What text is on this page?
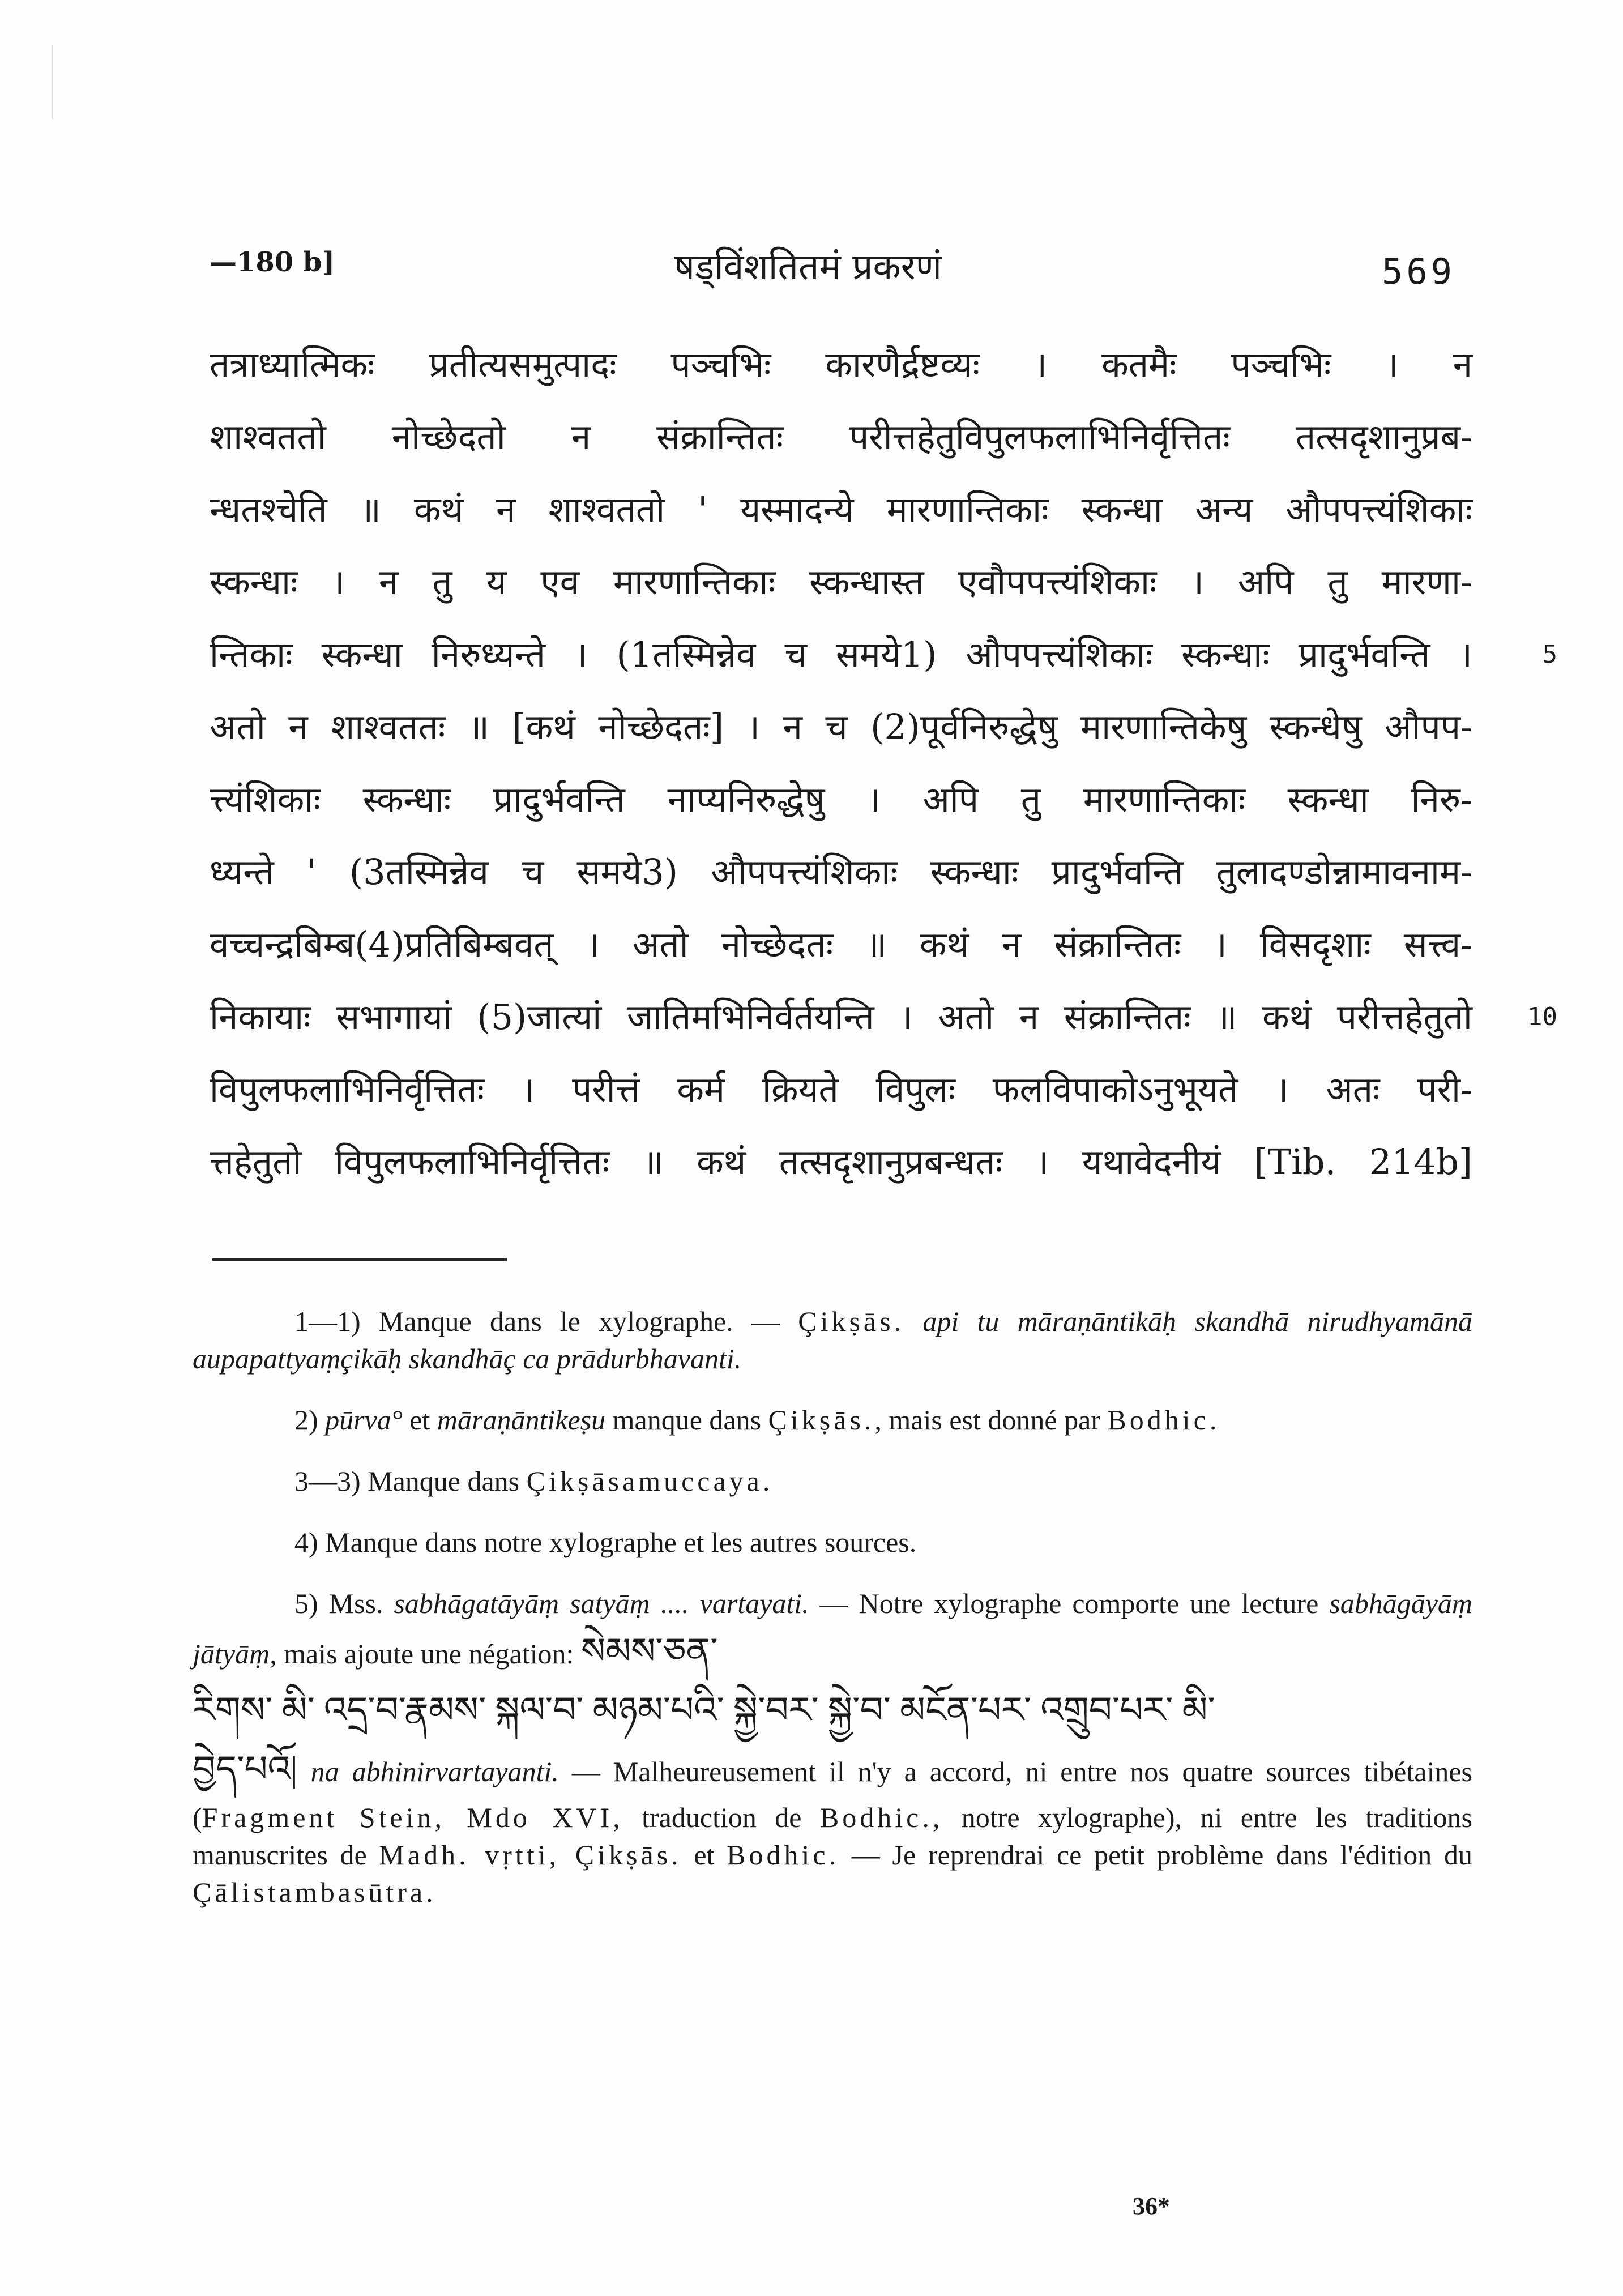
—180 b]	षड्विंशतितमं प्रकरणं	569
तत्राध्यात्मिकः प्रतीत्यसमुत्पादः पञ्चभिः कारणैर्द्रष्टव्यः । कतमैः पञ्चभिः । न
शाश्वततो नोच्छेदतो न संक्रान्तितः परीत्तहेतुविपुलफलाभिनिर्वृत्तितः तत्सदृशानुप्रब-
न्धतश्चेति ॥ कथं न शाश्वततो ' यस्मादन्ये मारणान्तिकाः स्कन्धा अन्य औपपत्त्यंशिकाः
स्कन्धाः । न तु य एव मारणान्तिकाः स्कन्धास्त एवौपपत्त्यंशिकाः । अपि तु मारणा-
न्तिकाः स्कन्धा निरुध्यन्ते । (1तस्मिन्नेव च समये1) औपपत्त्यंशिकाः स्कन्धाः प्रादुर्भवन्ति ।	5
अतो न शाश्वततः ॥ [कथं नोच्छेदतः] । न च (2)पूर्वनिरुद्धेषु मारणान्तिकेषु स्कन्धेषु औपप-
त्त्यंशिकाः स्कन्धाः प्रादुर्भवन्ति नाप्यनिरुद्धेषु । अपि तु मारणान्तिकाः स्कन्धा निरु-
ध्यन्ते ' (3तस्मिन्नेव च समये3) औपपत्त्यंशिकाः स्कन्धाः प्रादुर्भवन्ति तुलादण्डोन्नामावनाम-
वच्चन्द्रबिम्ब(4)प्रतिबिम्बवत् । अतो नोच्छेदतः ॥ कथं न संक्रान्तितः । विसदृशाः सत्त्व-
निकायाः सभागायां (5)जात्यां जातिमभिनिर्वर्तयन्ति । अतो न संक्रान्तितः ॥ कथं परीत्तहेतुतो 10
विपुलफलाभिनिर्वृत्तितः । परीत्तं कर्म क्रियते विपुलः फलविपाकोऽनुभूयते । अतः परी-
त्तहेतुतो विपुलफलाभिनिर्वृत्तितः ॥ कथं तत्सदृशानुप्रबन्धतः । यथावेदनीयं [Tib. 214b]

1—1) Manque dans le xylographe. — Çikṣās. api tu māraṇāntikāḥ skandhā nirudhyamānā aupapattyaṃçikāḥ skandhāç ca prādurbhavanti.

2) pūrva° et māraṇāntikeṣu manque dans Çikṣās., mais est donné par Bodhic.

3—3) Manque dans Çikṣāsamuccaya.

4) Manque dans notre xylographe et les autres sources.

5) Mss. sabhāgatāyāṃ satyāṃ .... vartayati. — Notre xylographe comporte une lecture sabhāgāyāṃ jātyāṃ, mais ajoute une négation: སེམས་ཅན་
རིགས་ མི་ འདྲ་བ་རྣམས་ སྐལ་བ་ མཉམ་པའི་ སྐྱེ་བར་ སྐྱེ་བ་ མངོན་པར་ འགྲུབ་པར་ མི་
བྱེད་པའོ| na abhinirvartayanti. — Malheureusement il n'y a accord, ni entre nos quatre sources tibétaines (Fragment Stein, Mdo XVI, traduction de Bodhic., notre xylographe), ni entre les traditions manuscrites de Madh. vṛtti, Çikṣās. et Bodhic. — Je reprendrai ce petit problème dans l'édition du Çālistambasūtra.

36*
